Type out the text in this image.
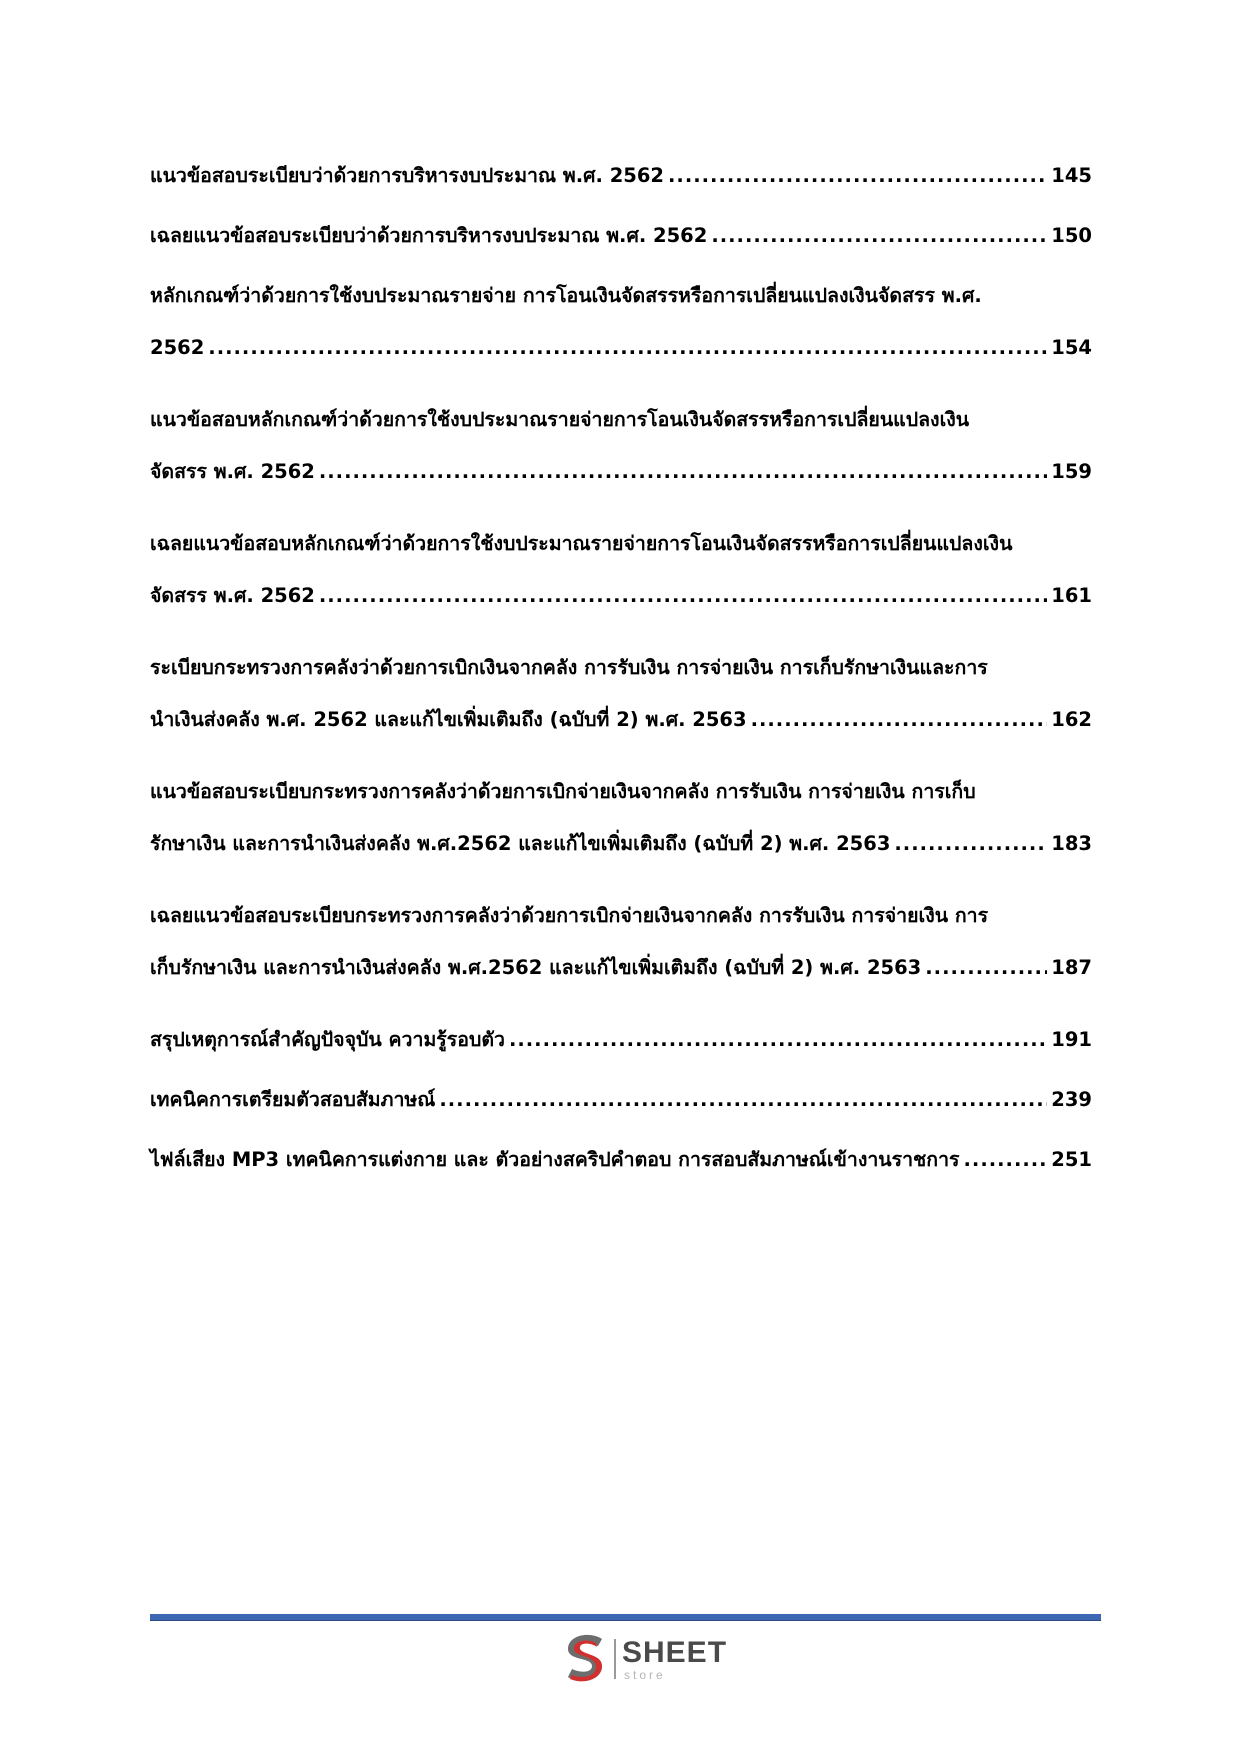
แนวข้อสอบระเบียบว่าด้วยการบริหารงบประมาณ พ.ศ. 2562 .....	145
เฉลยแนวข้อสอบระเบียบว่าด้วยการบริหารงบประมาณ พ.ศ. 2562 .....	150
หลักเกณฑ์ว่าด้วยการใช้งบประมาณรายจ่าย การโอนเงินจัดสรรหรือการเปลี่ยนแปลงเงินจัดสรร พ.ศ.
2562 .....	154
แนวข้อสอบหลักเกณฑ์ว่าด้วยการใช้งบประมาณรายจ่ายการโอนเงินจัดสรรหรือการเปลี่ยนแปลงเงิน
จัดสรร พ.ศ. 2562 .....	159
เฉลยแนวข้อสอบหลักเกณฑ์ว่าด้วยการใช้งบประมาณรายจ่ายการโอนเงินจัดสรรหรือการเปลี่ยนแปลงเงิน
จัดสรร พ.ศ. 2562 .....	161
ระเบียบกระทรวงการคลังว่าด้วยการเบิกเงินจากคลัง การรับเงิน การจ่ายเงิน การเก็บรักษาเงินและการ
นำเงินส่งคลัง พ.ศ. 2562 และแก้ไขเพิ่มเติมถึง (ฉบับที่ 2) พ.ศ. 2563 .....	162
แนวข้อสอบระเบียบกระทรวงการคลังว่าด้วยการเบิกจ่ายเงินจากคลัง การรับเงิน การจ่ายเงิน การเก็บ
รักษาเงิน และการนำเงินส่งคลัง พ.ศ.2562 และแก้ไขเพิ่มเติมถึง (ฉบับที่ 2) พ.ศ. 2563 .....	183
เฉลยแนวข้อสอบระเบียบกระทรวงการคลังว่าด้วยการเบิกจ่ายเงินจากคลัง การรับเงิน การจ่ายเงิน การ
เก็บรักษาเงิน และการนำเงินส่งคลัง พ.ศ.2562 และแก้ไขเพิ่มเติมถึง (ฉบับที่ 2) พ.ศ. 2563 .....	187
สรุปเหตุการณ์สำคัญปัจจุบัน ความรู้รอบตัว .....	191
เทคนิคการเตรียมตัวสอบสัมภาษณ์ .....	239
ไฟล์เสียง MP3 เทคนิคการแต่งกาย และ ตัวอย่างสคริปคำตอบ การสอบสัมภาษณ์เข้างานราชการ .....	251
SHEET
store
